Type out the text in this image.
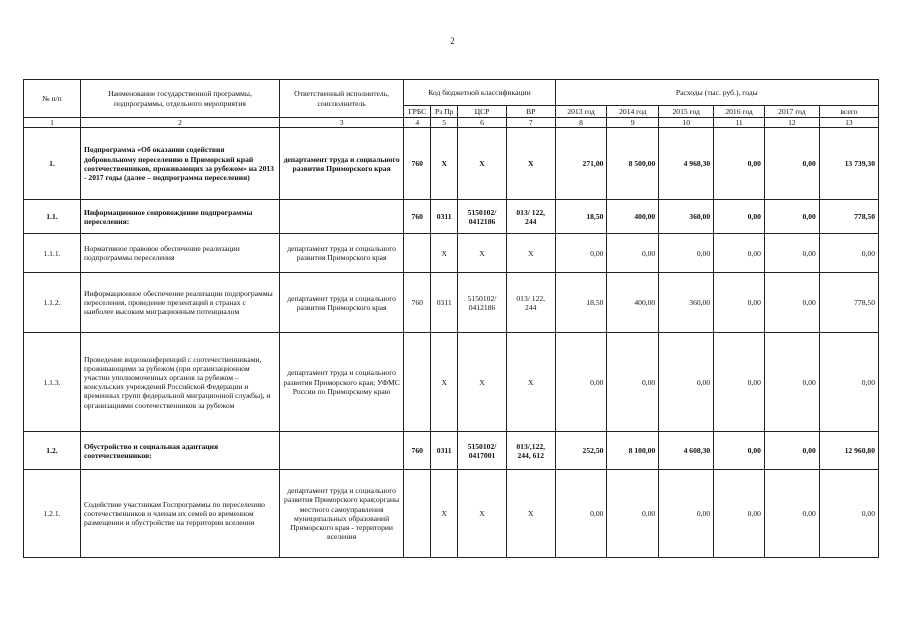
2
№ п/п	Наименование государственной программы, подпрограммы, отдельного мероприятия	Ответственный исполнитель, соисполнитель	Код бюджетной классификации				Расходы (тыс. руб.), годы					
			ГРБС	Рз Пр	ЦСР	ВР	2013 год	2014 год	2015 год	2016 год	2017 год	всего
1	2	3	4	5	6	7	8	9	10	11	12	13
1.	Подпрограмма «Об оказании содействия добровольному переселению в Приморский край соотечественников, проживающих за рубежом» на 2013 - 2017 годы (далее – подпрограмма переселения)	департамент труда и социального развития Приморского края	760	X	X	X	271,00	8 500,00	4 968,30	0,00	0,00	13 739,30
1.1.	Информационное сопровождение подпрограммы переселения:		760	0311	5150102/ 0412186	013/ 122, 244	18,50	400,00	360,00	0,00	0,00	778,50
1.1.1.	Нормативное правовое обеспечение реализации подпрограммы переселения	департамент труда и социального развития Приморского края		X	X	X	0,00	0,00	0,00	0,00	0,00	0,00
1.1.2.	Информационное обеспечение реализации подпрограммы переселения, проведение презентаций в странах с наиболее высоким миграционным потенциалом	департамент труда и социального развития Приморского края	760	0311	5150102/ 0412186	013/ 122, 244	18,50	400,00	360,00	0,00	0,00	778,50
1.1.3.	Проведение видеоконференций с соотечественниками, проживающими за рубежом (при организационном участии уполномоченных органов за рубежом – консульских учреждений Российской Федерации и временных групп федеральной миграционной службы), и организациями соотечественников за рубежом	департамент труда и социального развития Приморского края; УФМС России по Приморскому краю		X	X	X	0,00	0,00	0,00	0,00	0,00	0,00
1.2.	Обустройство и социальная адаптация соотечественников:		760	0311	5150102/ 0417001	013/,122, 244, 612	252,50	8 100,00	4 608,30	0,00	0,00	12 960,80
1.2.1.	Содействие участникам Госпрограммы по переселению соотечественников и членам их семей во временном размещении и обустройстве на территории вселения	департамент труда и социального развития Приморского края;органы местного самоуправления муниципальных образований Приморского края - территории вселения		X	X	X	0,00	0,00	0,00	0,00	0,00	0,00
